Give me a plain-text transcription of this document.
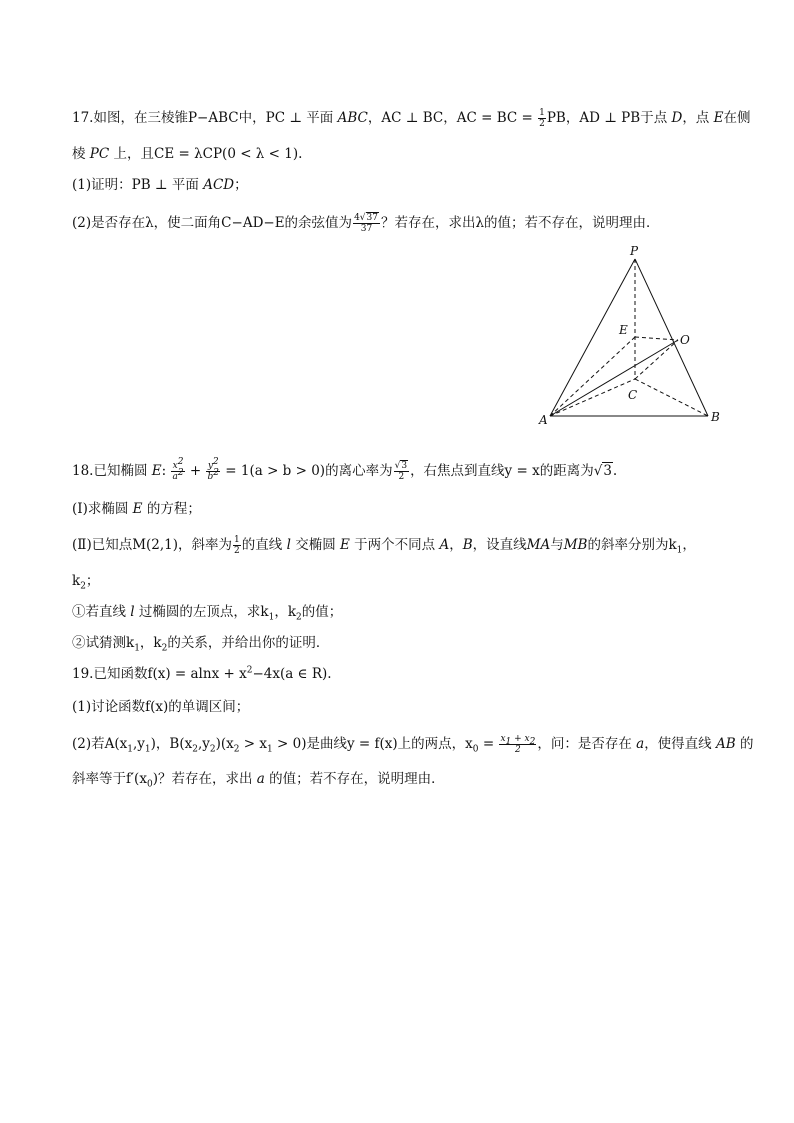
17.如图，在三棱锥P−ABC中，PC ⊥ 平面 ABC，AC ⊥ BC，AC = BC = $\frac{1}{2}$ PB，AD ⊥ PB于点 D，点 E在侧
棱 PC 上，且CE = λCP(0 < λ < 1).
(1)证明：PB ⊥ 平面 ACD；
(2)是否存在λ，使二面角C−AD−E的余弦值为 $\frac{4√37}{37}$ ？若存在，求出λ的值；若不存在，说明理由．
P
E
O
C
A	B
18.已知椭圆 E: $\frac{x2}{a2} + \frac{y2}{b2} = 1(a > b > 0)$的离心率为 $\frac{√3}{2}$ ，右焦点到直线y = x的距离为√3.
(Ⅰ)求椭圆 E 的方程；
(Ⅱ)已知点M(2,1)，斜率为 $\frac{1}{2}$ 的直线 l 交椭圆 E 于两个不同点 A，B，设直线MA与MB的斜率分别为$k_1$，
$k_2$；
①若直线 l 过椭圆的左顶点，求$k_1$，$k_2$的值；
②试猜测$k_1$，$k_2$的关系，并给出你的证明．
19.已知函数$f(x) = alnx + x^2-4x(a$ ∈ R).
(1)讨论函数f(x)的单调区间；
(2)若$A(x_1,y_1)$，$B(x_2,y_2)(x_2 > x_1 > 0)$是曲线y = f(x)上的两点，$x_0 = \frac{x1 + x2}{2}$ ，问：是否存在 a，使得直线 AB 的
斜率等于$f'(x_0)$？若存在，求出 a 的值；若不存在，说明理由．
